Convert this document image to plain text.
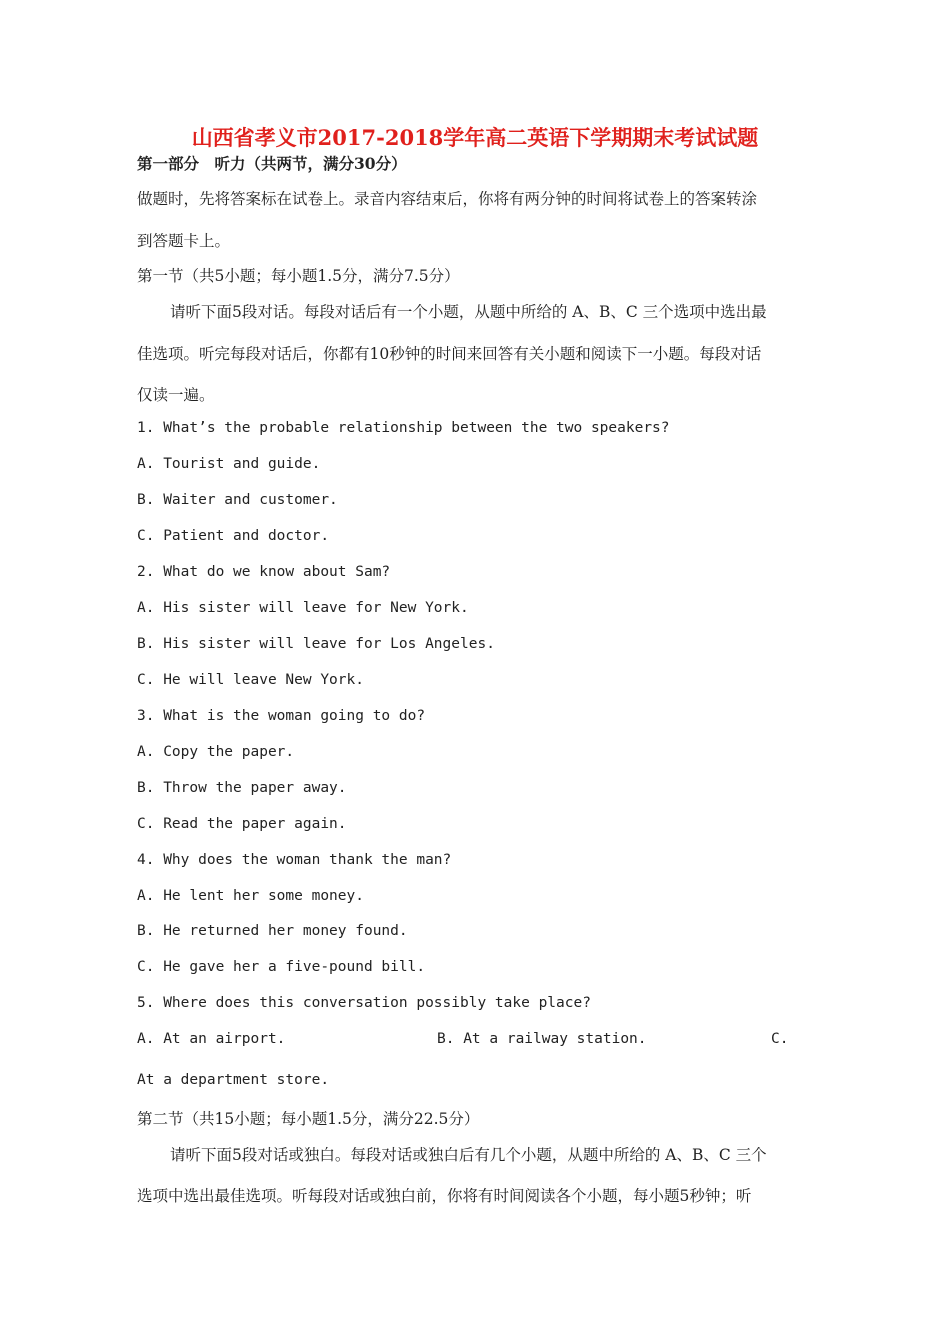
山西省孝义市2017-2018学年高二英语下学期期末考试试题
第一部分　听力（共两节，满分30分）
做题时，先将答案标在试卷上。录音内容结束后，你将有两分钟的时间将试卷上的答案转涂
到答题卡上。
第一节（共5小题；每小题1.5分，满分7.5分）
请听下面5段对话。每段对话后有一个小题，从题中所给的 A、B、C 三个选项中选出最
佳选项。听完每段对话后，你都有10秒钟的时间来回答有关小题和阅读下一小题。每段对话
仅读一遍。
1. What’s the probable relationship between the two speakers?
A. Tourist and guide.
B. Waiter and customer.
C. Patient and doctor.
2. What do we know about Sam?
A. His sister will leave for New York.
B. His sister will leave for Los Angeles.
C. He will leave New York.
3. What is the woman going to do?
A. Copy the paper.
B. Throw the paper away.
C. Read the paper again.
4. Why does the woman thank the man?
A. He lent her some money.
B. He returned her money found.
C. He gave her a five-pound bill.
5. Where does this conversation possibly take place?
A. At an airport.	B. At a railway station.	C.
At a department store.
第二节（共15小题；每小题1.5分，满分22.5分）
请听下面5段对话或独白。每段对话或独白后有几个小题，从题中所给的 A、B、C 三个
选项中选出最佳选项。听每段对话或独白前，你将有时间阅读各个小题，每小题5秒钟；听
